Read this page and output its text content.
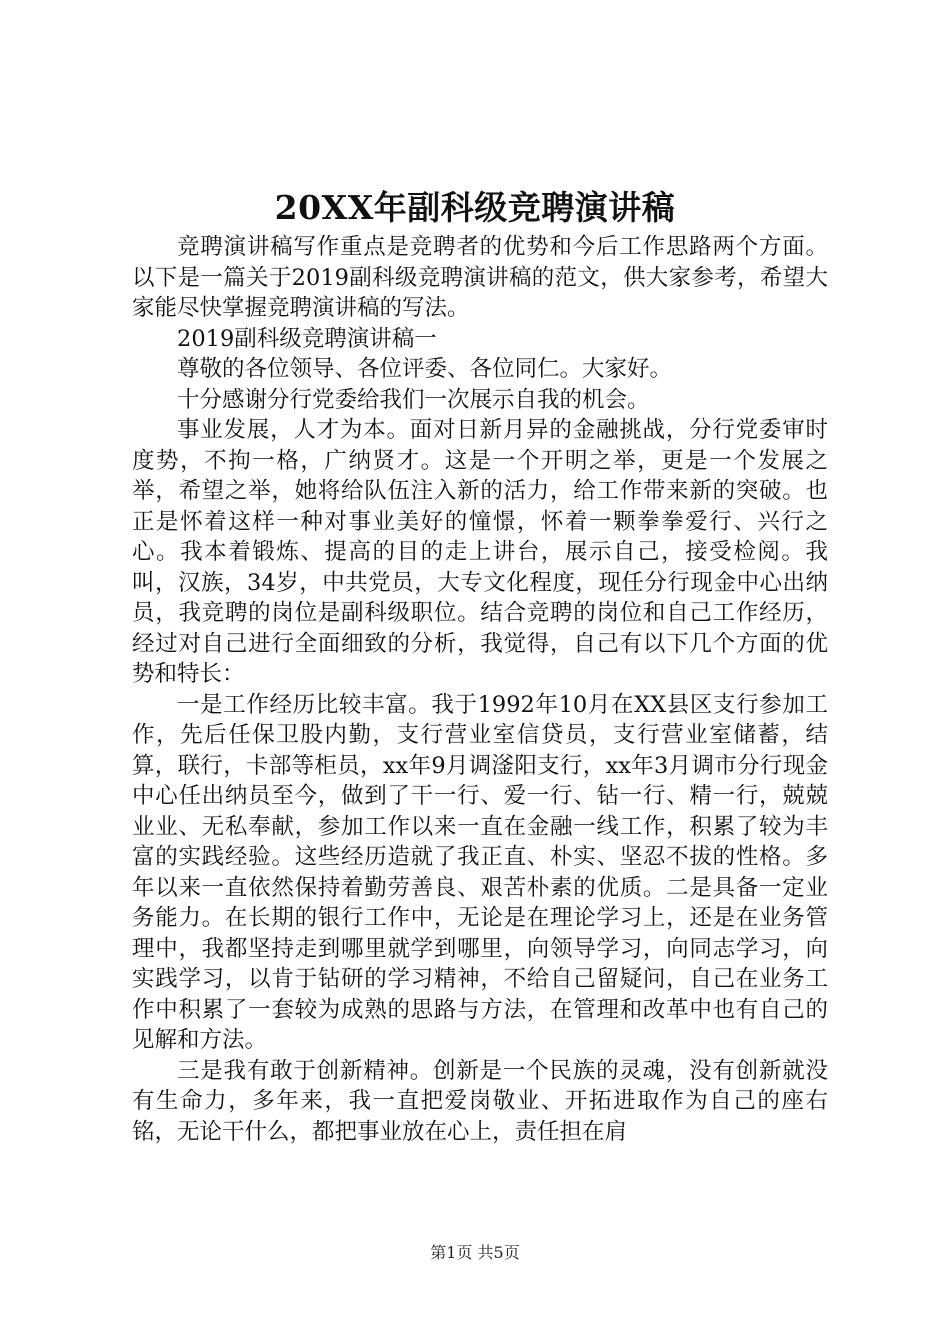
20XX年副科级竞聘演讲稿

竞聘演讲稿写作重点是竞聘者的优势和今后工作思路两个方面。以下是一篇关于2019副科级竞聘演讲稿的范文，供大家参考，希望大家能尽快掌握竞聘演讲稿的写法。

2019副科级竞聘演讲稿一

尊敬的各位领导、各位评委、各位同仁。大家好。

十分感谢分行党委给我们一次展示自我的机会。

事业发展，人才为本。面对日新月异的金融挑战，分行党委审时度势，不拘一格，广纳贤才。这是一个开明之举，更是一个发展之举，希望之举，她将给队伍注入新的活力，给工作带来新的突破。也正是怀着这样一种对事业美好的憧憬，怀着一颗拳拳爱行、兴行之心。我本着锻炼、提高的目的走上讲台，展示自己，接受检阅。我叫，汉族，34岁，中共党员，大专文化程度，现任分行现金中心出纳员，我竞聘的岗位是副科级职位。结合竞聘的岗位和自己工作经历，经过对自己进行全面细致的分析，我觉得，自己有以下几个方面的优势和特长：

一是工作经历比较丰富。我于1992年10月在XX县区支行参加工作，先后任保卫股内勤，支行营业室信贷员，支行营业室储蓄，结算，联行，卡部等柜员，xx年9月调滏阳支行，xx年3月调市分行现金中心任出纳员至今，做到了干一行、爱一行、钻一行、精一行，兢兢业业、无私奉献，参加工作以来一直在金融一线工作，积累了较为丰富的实践经验。这些经历造就了我正直、朴实、坚忍不拔的性格。多年以来一直依然保持着勤劳善良、艰苦朴素的优质。二是具备一定业务能力。在长期的银行工作中，无论是在理论学习上，还是在业务管理中，我都坚持走到哪里就学到哪里，向领导学习，向同志学习，向实践学习，以肯于钻研的学习精神，不给自己留疑问，自己在业务工作中积累了一套较为成熟的思路与方法，在管理和改革中也有自己的见解和方法。

三是我有敢于创新精神。创新是一个民族的灵魂，没有创新就没有生命力，多年来，我一直把爱岗敬业、开拓进取作为自己的座右铭，无论干什么，都把事业放在心上，责任担在肩

第1页 共5页
